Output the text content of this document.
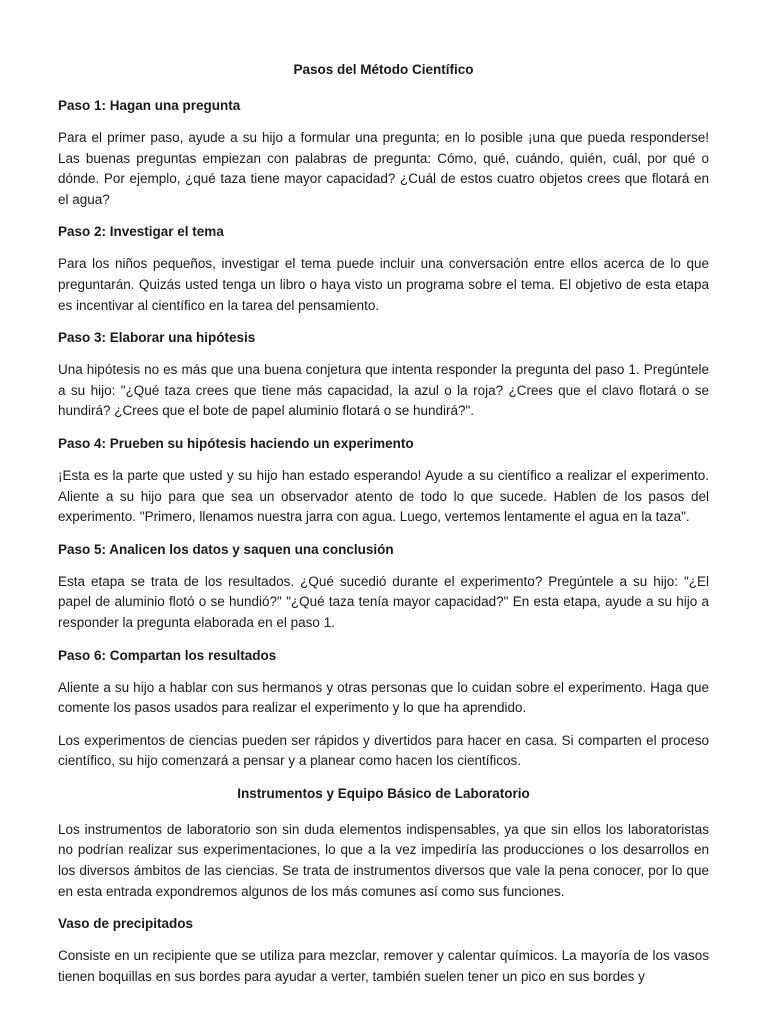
Pasos del Método Científico
Paso 1: Hagan una pregunta

Para el primer paso, ayude a su hijo a formular una pregunta; en lo posible ¡una que pueda responderse! Las buenas preguntas empiezan con palabras de pregunta: Cómo, qué, cuándo, quién, cuál, por qué o dónde. Por ejemplo, ¿qué taza tiene mayor capacidad? ¿Cuál de estos cuatro objetos crees que flotará en el agua?

Paso 2: Investigar el tema

Para los niños pequeños, investigar el tema puede incluir una conversación entre ellos acerca de lo que preguntarán. Quizás usted tenga un libro o haya visto un programa sobre el tema. El objetivo de esta etapa es incentivar al científico en la tarea del pensamiento.

Paso 3: Elaborar una hipótesis

Una hipótesis no es más que una buena conjetura que intenta responder la pregunta del paso 1. Pregúntele a su hijo: "¿Qué taza crees que tiene más capacidad, la azul o la roja? ¿Crees que el clavo flotará o se hundirá? ¿Crees que el bote de papel aluminio flotará o se hundirá?".

Paso 4: Prueben su hipótesis haciendo un experimento

¡Esta es la parte que usted y su hijo han estado esperando! Ayude a su científico a realizar el experimento. Aliente a su hijo para que sea un observador atento de todo lo que sucede. Hablen de los pasos del experimento. "Primero, llenamos nuestra jarra con agua. Luego, vertemos lentamente el agua en la taza".

Paso 5: Analicen los datos y saquen una conclusión

Esta etapa se trata de los resultados. ¿Qué sucedió durante el experimento? Pregúntele a su hijo: "¿El papel de aluminio flotó o se hundió?" "¿Qué taza tenía mayor capacidad?" En esta etapa, ayude a su hijo a responder la pregunta elaborada en el paso 1.

Paso 6: Compartan los resultados

Aliente a su hijo a hablar con sus hermanos y otras personas que lo cuidan sobre el experimento. Haga que comente los pasos usados para realizar el experimento y lo que ha aprendido.

Los experimentos de ciencias pueden ser rápidos y divertidos para hacer en casa. Si comparten el proceso científico, su hijo comenzará a pensar y a planear como hacen los científicos.

Instrumentos y Equipo Básico de Laboratorio

Los instrumentos de laboratorio son sin duda elementos indispensables, ya que sin ellos los laboratoristas no podrían realizar sus experimentaciones, lo que a la vez impediría las producciones o los desarrollos en los diversos ámbitos de las ciencias. Se trata de instrumentos diversos que vale la pena conocer, por lo que en esta entrada expondremos algunos de los más comunes así como sus funciones.

Vaso de precipitados

Consiste en un recipiente que se utiliza para mezclar, remover y calentar químicos. La mayoría de los vasos tienen boquillas en sus bordes para ayudar a verter, también suelen tener un pico en sus bordes y
